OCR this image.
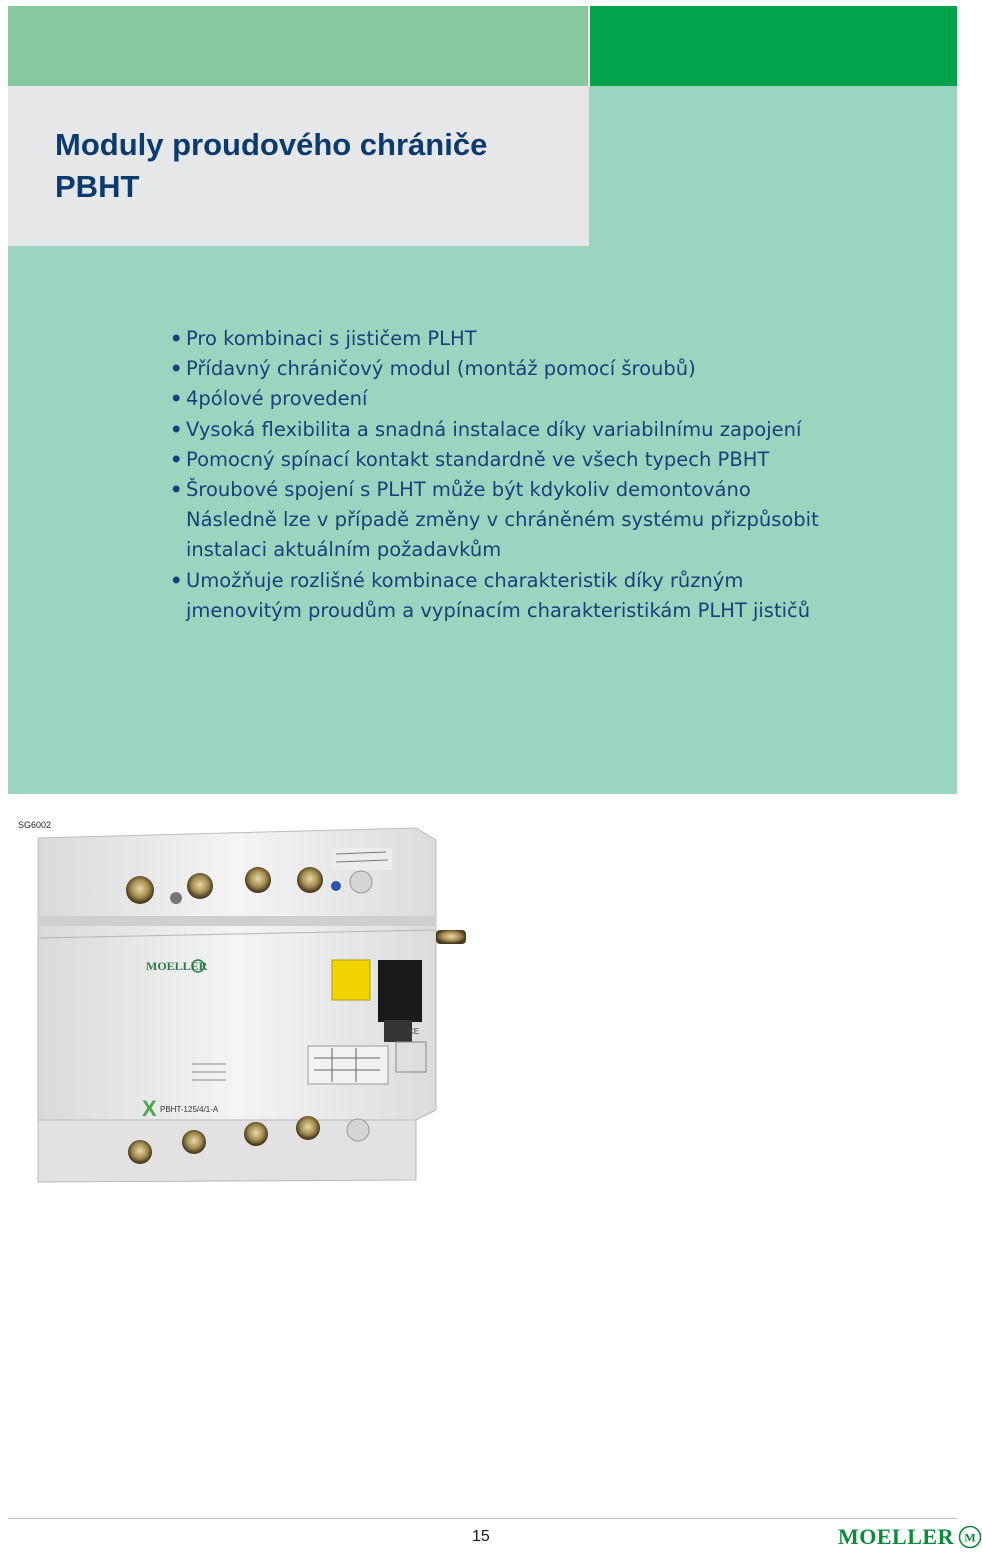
Moduly proudového chrániče
PBHT
• Pro kombinaci s jističem PLHT
• Přídavný chráničový modul (montáž pomocí šroubů)
• 4pólové provedení
• Vysoká flexibilita a snadná instalace díky variabilnímu zapojení
• Pomocný spínací kontakt standardně ve všech typech PBHT
• Šroubové spojení s PLHT může být kdykoliv demontováno
Následně lze v případě změny v chráněném systému přizpůsobit
instalaci aktuálním požadavkům
• Umožňuje rozlišné kombinace charakteristik díky různým
jmenovitým proudům a vypínacím charakteristikám PLHT jističů
MOELLER
CE
X PBHT-125/4/1-A
SG6002
15	MOELLER M
